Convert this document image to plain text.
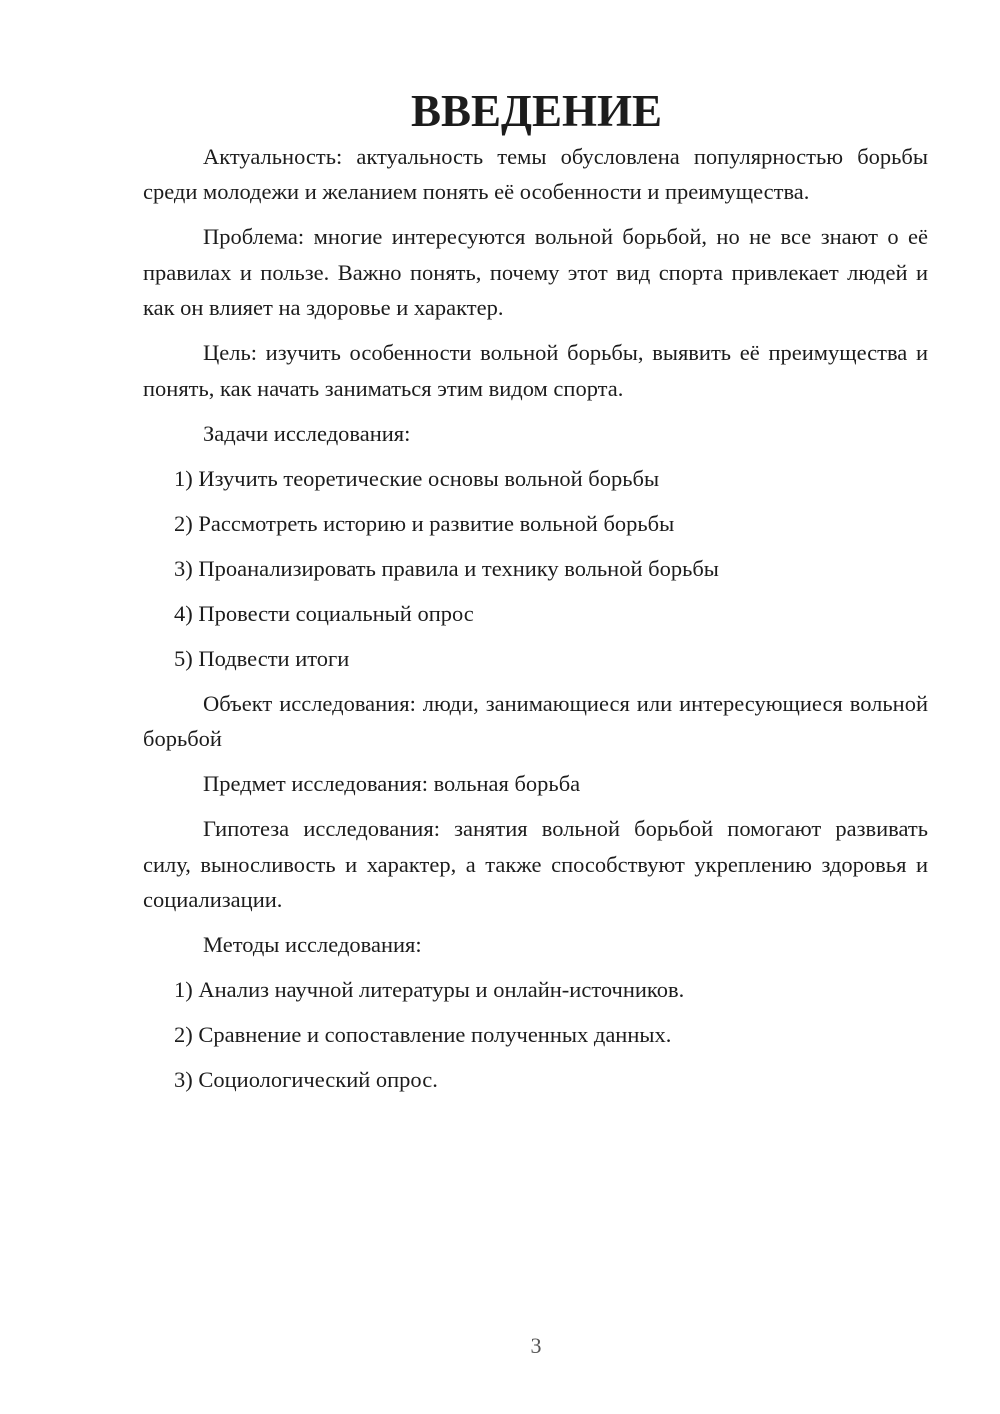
ВВЕДЕНИЕ

Актуальность: актуальность темы обусловлена популярностью борьбы среди молодежи и желанием понять её особенности и преимущества.

Проблема: многие интересуются вольной борьбой, но не все знают о её правилах и пользе. Важно понять, почему этот вид спорта привлекает людей и как он влияет на здоровье и характер.

Цель: изучить особенности вольной борьбы, выявить её преимущества и понять, как начать заниматься этим видом спорта.

Задачи исследования:

1) Изучить теоретические основы вольной борьбы
2) Рассмотреть историю и развитие вольной борьбы
3) Проанализировать правила и технику вольной борьбы
4) Провести социальный опрос
5) Подвести итоги

Объект исследования: люди, занимающиеся или интересующиеся вольной борьбой

Предмет исследования: вольная борьба

Гипотеза исследования: занятия вольной борьбой помогают развивать силу, выносливость и характер, а также способствуют укреплению здоровья и социализации.

Методы исследования:

1) Анализ научной литературы и онлайн-источников.
2) Сравнение и сопоставление полученных данных.
3) Социологический опрос.
3
